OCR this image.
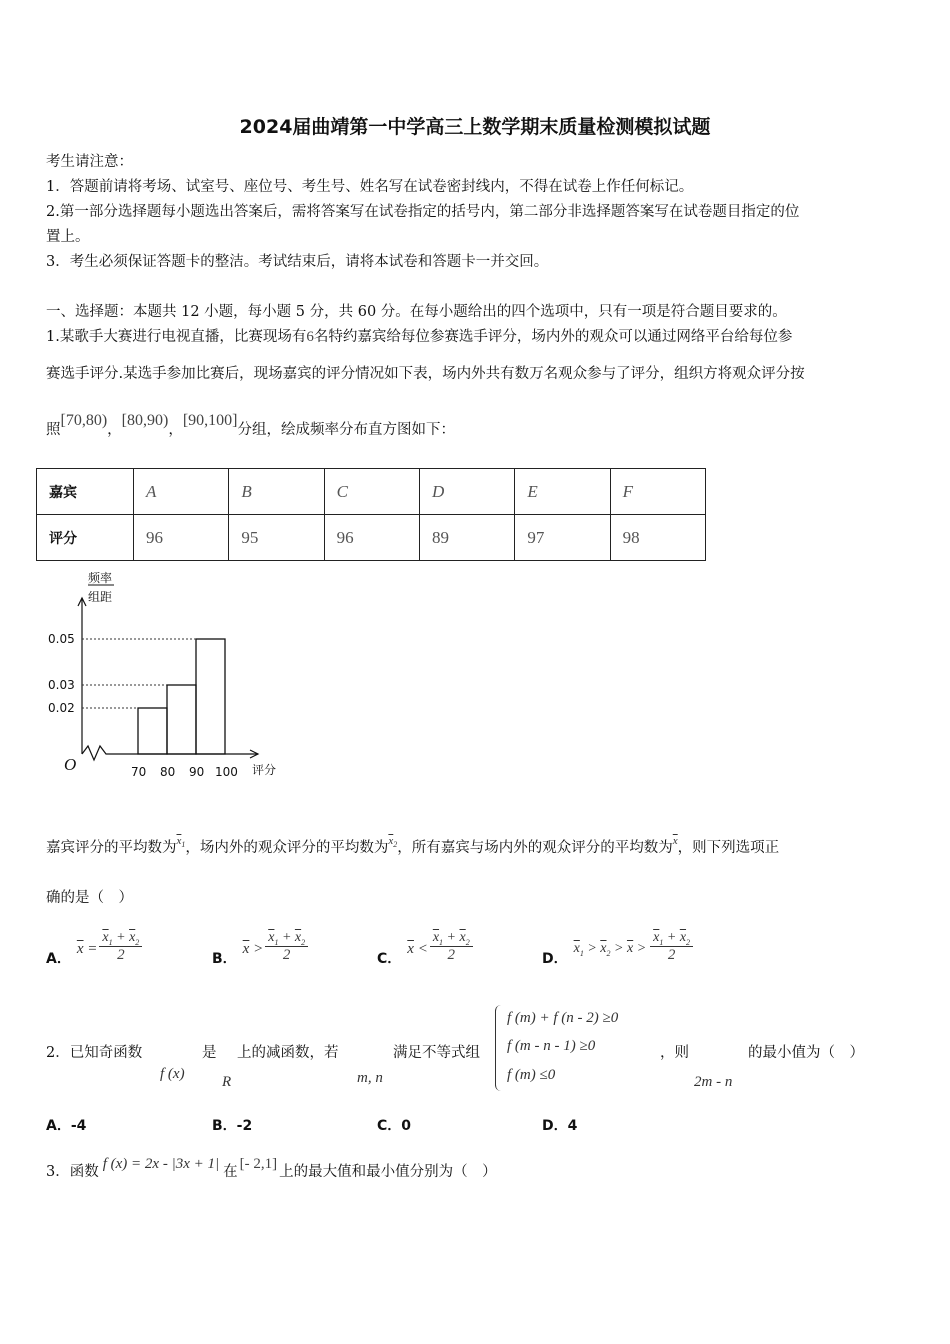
2024届曲靖第一中学高三上数学期末质量检测模拟试题
考生请注意：
1．答题前请将考场、试室号、座位号、考生号、姓名写在试卷密封线内，不得在试卷上作任何标记。
2.第一部分选择题每小题选出答案后，需将答案写在试卷指定的括号内，第二部分非选择题答案写在试卷题目指定的位
置上。
3．考生必须保证答题卡的整洁。考试结束后，请将本试卷和答题卡一并交回。
一、选择题：本题共 12 小题，每小题 5 分，共 60 分。在每小题给出的四个选项中，只有一项是符合题目要求的。
1.某歌手大赛进行电视直播，比赛现场有6名特约嘉宾给每位参赛选手评分，场内外的观众可以通过网络平台给每位参
赛选手评分.某选手参加比赛后，现场嘉宾的评分情况如下表，场内外共有数万名观众参与了评分，组织方将观众评分按
照[70,80)，[80,90)，[90,100]分组，绘成频率分布直方图如下：
嘉宾	A	B	C	D	E	F
评分	96	95	96	89	97	98
频率
组距
O	评分
0.02
0.03
0.05
70 80 90 100
嘉宾评分的平均数为$^{\overline{x}_1}$，场内外的观众评分的平均数为$^{\overline{x}_2}$，所有嘉宾与场内外的观众评分的平均数为$^{\overline{x}}$，则下列选项正
确的是（　）
A．
$\overline{x} = \frac{\overline{x}_1 + \overline{x}_2}{2}$	B．
$\overline{x} > \frac{\overline{x}_1 + \overline{x}_2}{2}$	C．
$\overline{x} < \frac{\overline{x}_1 + \overline{x}_2}{2}$	D．
$\overline{x}_1 > \overline{x}_2 > \overline{x} > \frac{\overline{x}_1 + \overline{x}_2}{2}$
2．已知奇函数
f (x)
是
R
上的减函数，若
m, n
满足不等式组
f (m) + f (n - 2) ≥0
f (m - n - 1) ≥0
f (m) ≤0
，则
2m - n
的最小值为（　）
A．-4	B．-2	C．0	D．4
3．函数 f (x) = 2x - |3x + 1| 在 [- 2,1] 上的最大值和最小值分别为（　）
